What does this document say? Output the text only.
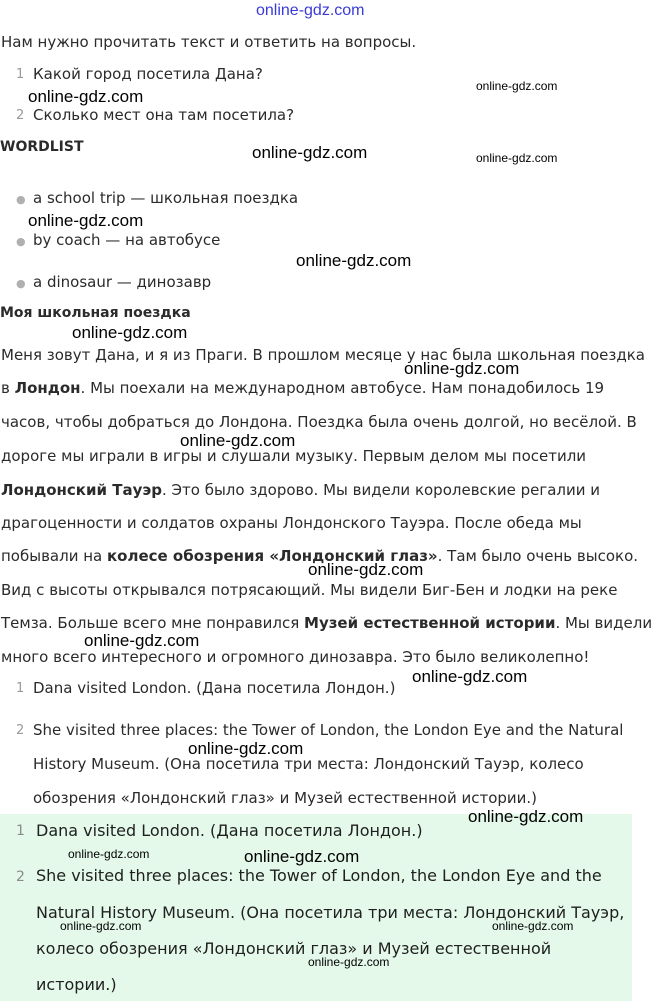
online-gdz.com
Нам нужно прочитать текст и ответить на вопросы.
1 Какой город посетила Дана?
2 Сколько мест она там посетила?
WORDLIST
● a school trip — школьная поездка
● by coach — на автобусе
● a dinosaur — динозавр
Моя школьная поездка
Меня зовут Дана, и я из Праги. В прошлом месяце у нас была школьная поездка
в Лондон. Мы поехали на международном автобусе. Нам понадобилось 19
часов, чтобы добраться до Лондона. Поездка была очень долгой, но весёлой. В
дороге мы играли в игры и слушали музыку. Первым делом мы посетили
Лондонский Тауэр. Это было здорово. Мы видели королевские регалии и
драгоценности и солдатов охраны Лондонского Тауэра. После обеда мы
побывали на колесе обозрения «Лондонский глаз». Там было очень высоко.
Вид с высоты открывался потрясающий. Мы видели Биг-Бен и лодки на реке
Темза. Больше всего мне понравился Музей естественной истории. Мы видели
много всего интересного и огромного динозавра. Это было великолепно!
1 Dana visited London. (Дана посетила Лондон.)
2 She visited three places: the Tower of London, the London Eye and the Natural
History Museum. (Она посетила три места: Лондонский Тауэр, колесо
обозрения «Лондонский глаз» и Музей естественной истории.)
1 Dana visited London. (Дана посетила Лондон.)
2 She visited three places: the Tower of London, the London Eye and the
Natural History Museum. (Она посетила три места: Лондонский Тауэр,
колесо обозрения «Лондонский глаз» и Музей естественной
истории.)
online-gdz.com
online-gdz.com
online-gdz.com	online-gdz.com
online-gdz.com
online-gdz.com
online-gdz.com
online-gdz.com
online-gdz.com
online-gdz.com
online-gdz.com
online-gdz.com
online-gdz.com
online-gdz.com
online-gdz.com	online-gdz.com
online-gdz.com	online-gdz.com
online-gdz.com
